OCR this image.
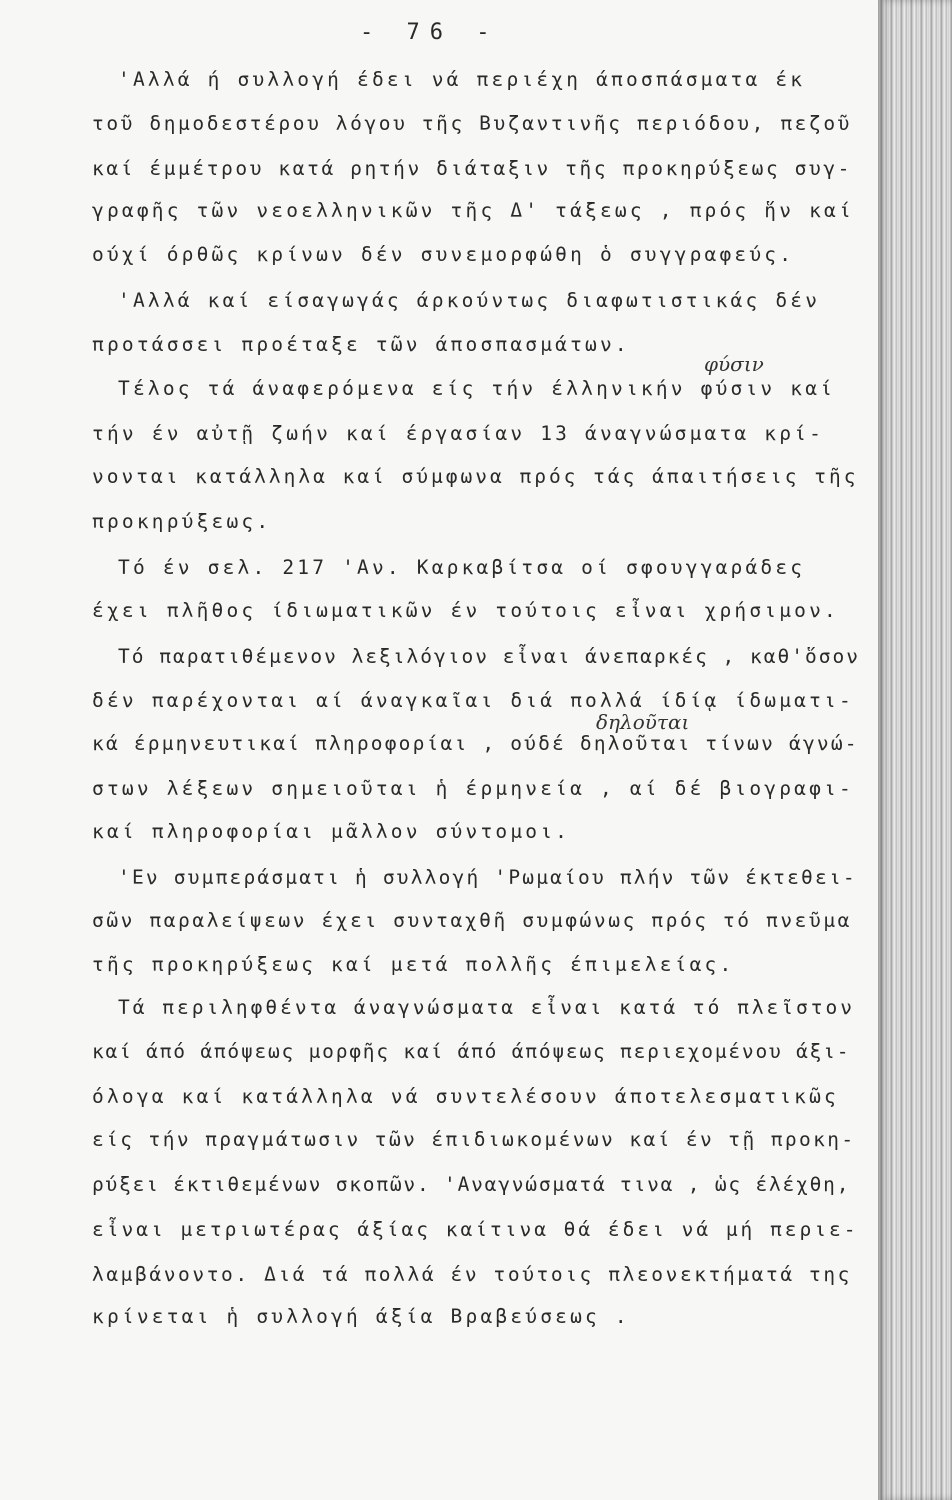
- 76 -
'Αλλά ή συλλογή έδει νά περιέχη άποσπάσματα έκ
τοῦ δημοδεστέρου λόγου τῆς Βυζαντινῆς περιόδου, πεζοῦ
καί έμμέτρου κατά ρητήν διάταξιν τῆς προκηρύξεως συγ-
γραφῆς τῶν νεοελληνικῶν τῆς Δ' τάξεως , πρός ἥν καί
ούχί όρθῶς κρίνων δέν συνεμορφώθη ὁ συγγραφεύς.
'Αλλά καί είσαγωγάς άρκούντως διαφωτιστικάς δέν
προτάσσει προέταξε τῶν άποσπασμάτων.
Τέλος τά άναφερόμενα είς τήν έλληνικήν φύσιν καί
τήν έν αὐτῇ ζωήν καί έργασίαν 13 άναγνώσματα κρί-
νονται κατάλληλα καί σύμφωνα πρός τάς άπαιτήσεις τῆς
προκηρύξεως.
Τό έν σελ. 217 'Αν. Καρκαβίτσα οί σφουγγαράδες
έχει πλῆθος ίδιωματικῶν έν τούτοις εἶναι χρήσιμον.
Τό παρατιθέμενον λεξιλόγιον εἶναι άνεπαρκές , καθ'ὅσον
δέν παρέχονται αί άναγκαῖαι διά πολλά ίδίᾳ ίδωματι-
κά έρμηνευτικαί πληροφορίαι , ούδέ δηλοῦται τίνων άγνώ-
στων λέξεων σημειοῦται ἡ έρμηνεία , αί δέ βιογραφι-
καί πληροφορίαι μᾶλλον σύντομοι.
'Εν συμπεράσματι ἡ συλλογή 'Ρωμαίου πλήν τῶν έκτεθει-
σῶν παραλείψεων έχει συνταχθῆ συμφώνως πρός τό πνεῦμα
τῆς προκηρύξεως καί μετά πολλῆς έπιμελείας.
Τά περιληφθέντα άναγνώσματα εἶναι κατά τό πλεῖστον
καί άπό άπόψεως μορφῆς καί άπό άπόψεως περιεχομένου άξι-
όλογα καί κατάλληλα νά συντελέσουν άποτελεσματικῶς
είς τήν πραγμάτωσιν τῶν έπιδιωκομένων καί έν τῇ προκη-
ρύξει έκτιθεμένων σκοπῶν. 'Αναγνώσματά τινα , ὡς έλέχθη,
εἶναι μετριωτέρας άξίας καίτινα θά έδει νά μή περιε-
λαμβάνοντο. Διά τά πολλά έν τούτοις πλεονεκτήματά της
κρίνεται ἡ συλλογή άξία Βραβεύσεως .
φύσιν
δηλοῦται
